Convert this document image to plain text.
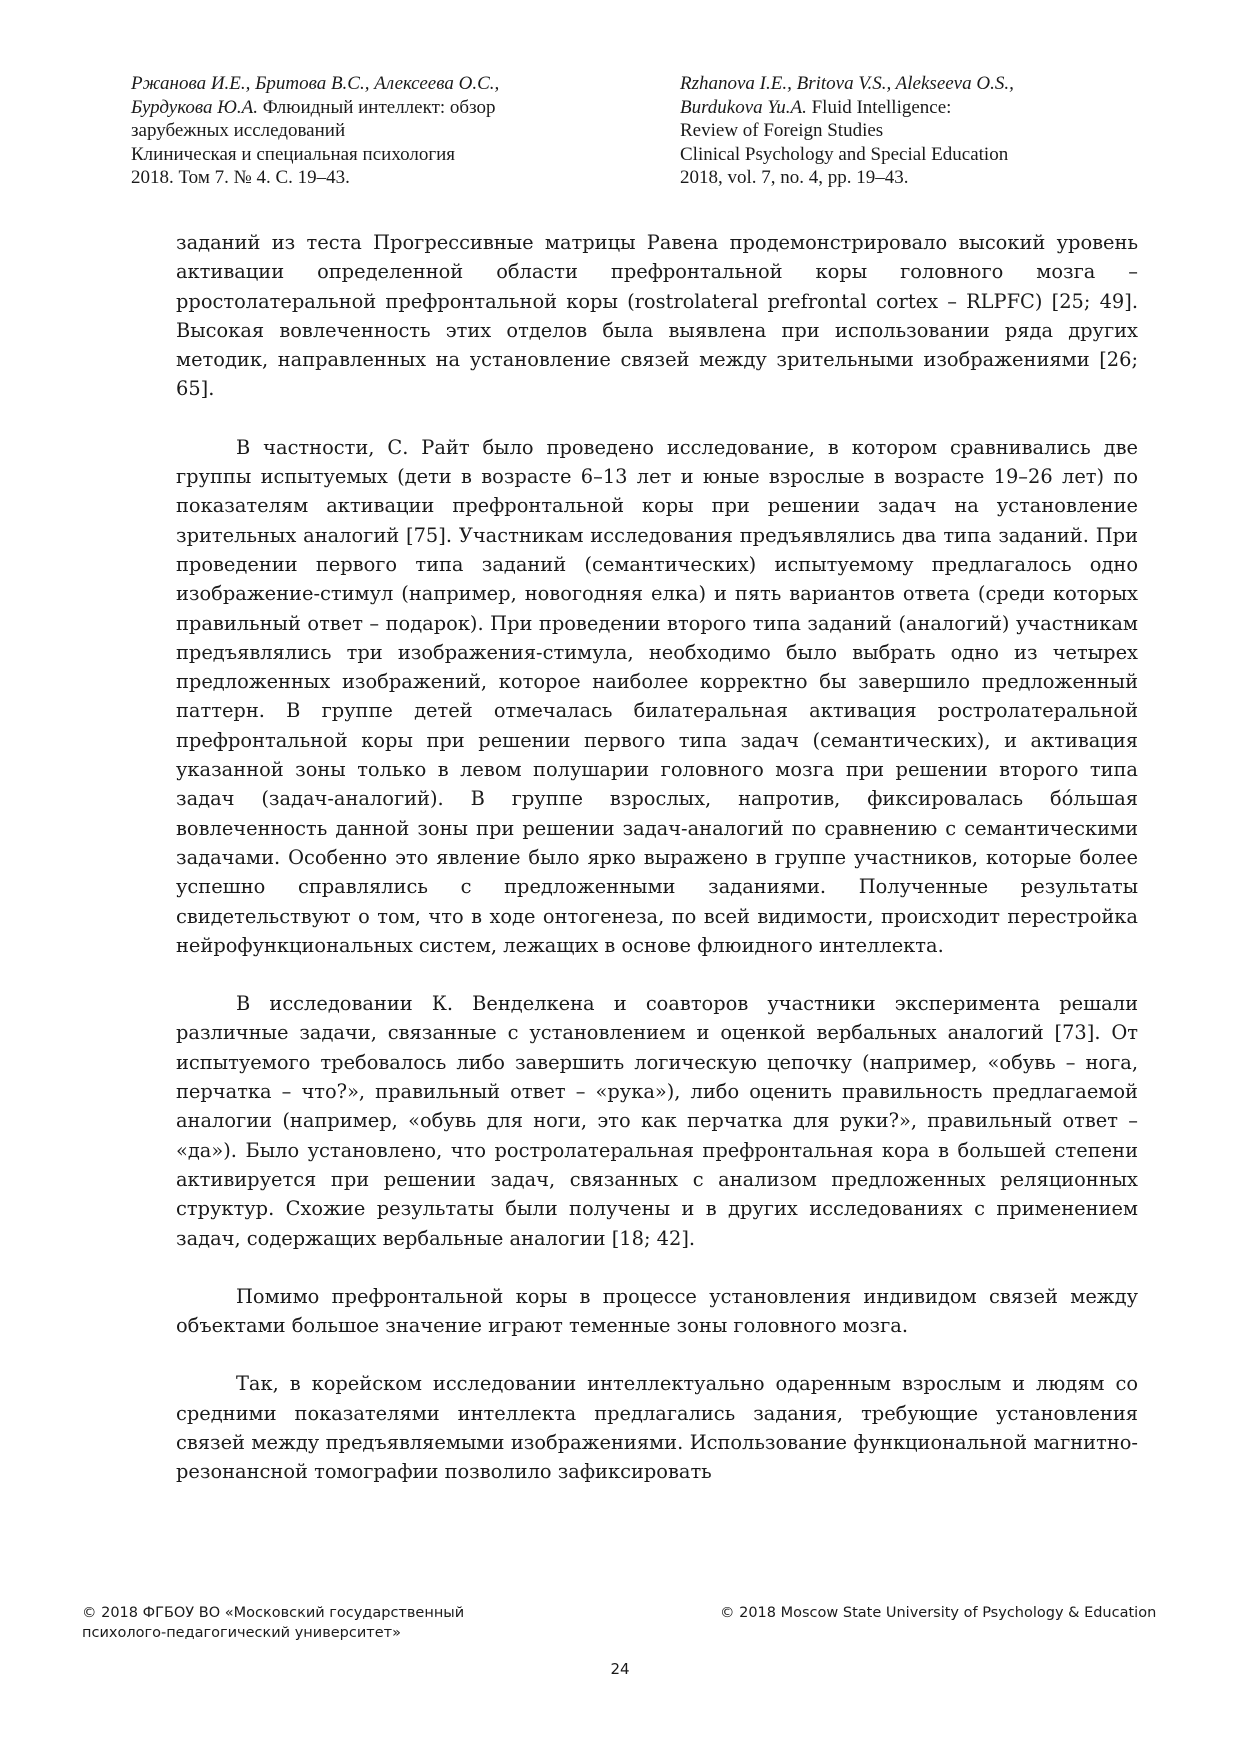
Ржанова И.Е., Бритова В.С., Алексеева О.С.,
Бурдукова Ю.А. Флюидный интеллект: обзор
зарубежных исследований
Клиническая и специальная психология
2018. Том 7. № 4. С. 19–43.
Rzhanova I.E., Britova V.S., Alekseeva O.S.,
Burdukova Yu.A. Fluid Intelligence:
Review of Foreign Studies
Clinical Psychology and Special Education
2018, vol. 7, no. 4, pp. 19–43.

заданий из теста Прогрессивные матрицы Равена продемонстрировало высокий уровень активации определенной области префронтальной коры головного мозга – рростолатеральной префронтальной коры (rostrolateral prefrontal cortex – RLPFC) [25; 49]. Высокая вовлеченность этих отделов была выявлена при использовании ряда других методик, направленных на установление связей между зрительными изображениями [26; 65].

В частности, С. Райт было проведено исследование, в котором сравнивались две группы испытуемых (дети в возрасте 6–13 лет и юные взрослые в возрасте 19–26 лет) по показателям активации префронтальной коры при решении задач на установление зрительных аналогий [75]. Участникам исследования предъявлялись два типа заданий. При проведении первого типа заданий (семантических) испытуемому предлагалось одно изображение-стимул (например, новогодняя елка) и пять вариантов ответа (среди которых правильный ответ – подарок). При проведении второго типа заданий (аналогий) участникам предъявлялись три изображения-стимула, необходимо было выбрать одно из четырех предложенных изображений, которое наиболее корректно бы завершило предложенный паттерн. В группе детей отмечалась билатеральная активация ростролатеральной префронтальной коры при решении первого типа задач (семантических), и активация указанной зоны только в левом полушарии головного мозга при решении второго типа задач (задач-аналогий). В группе взрослых, напротив, фиксировалась бóльшая вовлеченность данной зоны при решении задач-аналогий по сравнению с семантическими задачами. Особенно это явление было ярко выражено в группе участников, которые более успешно справлялись с предложенными заданиями. Полученные результаты свидетельствуют о том, что в ходе онтогенеза, по всей видимости, происходит перестройка нейрофункциональных систем, лежащих в основе флюидного интеллекта.

В исследовании К. Венделкена и соавторов участники эксперимента решали различные задачи, связанные с установлением и оценкой вербальных аналогий [73]. От испытуемого требовалось либо завершить логическую цепочку (например, «обувь – нога, перчатка – что?», правильный ответ – «рука»), либо оценить правильность предлагаемой аналогии (например, «обувь для ноги, это как перчатка для руки?», правильный ответ – «да»). Было установлено, что ростролатеральная префронтальная кора в большей степени активируется при решении задач, связанных с анализом предложенных реляционных структур. Схожие результаты были получены и в других исследованиях с применением задач, содержащих вербальные аналогии [18; 42].

Помимо префронтальной коры в процессе установления индивидом связей между объектами большое значение играют теменные зоны головного мозга.

Так, в корейском исследовании интеллектуально одаренным взрослым и людям со средними показателями интеллекта предлагались задания, требующие установления связей между предъявляемыми изображениями. Использование функциональной магнитно-резонансной томографии позволило зафиксировать

© 2018 ФГБОУ ВО «Московский государственный
психолого-педагогический университет»
© 2018 Moscow State University of Psychology & Education
24
